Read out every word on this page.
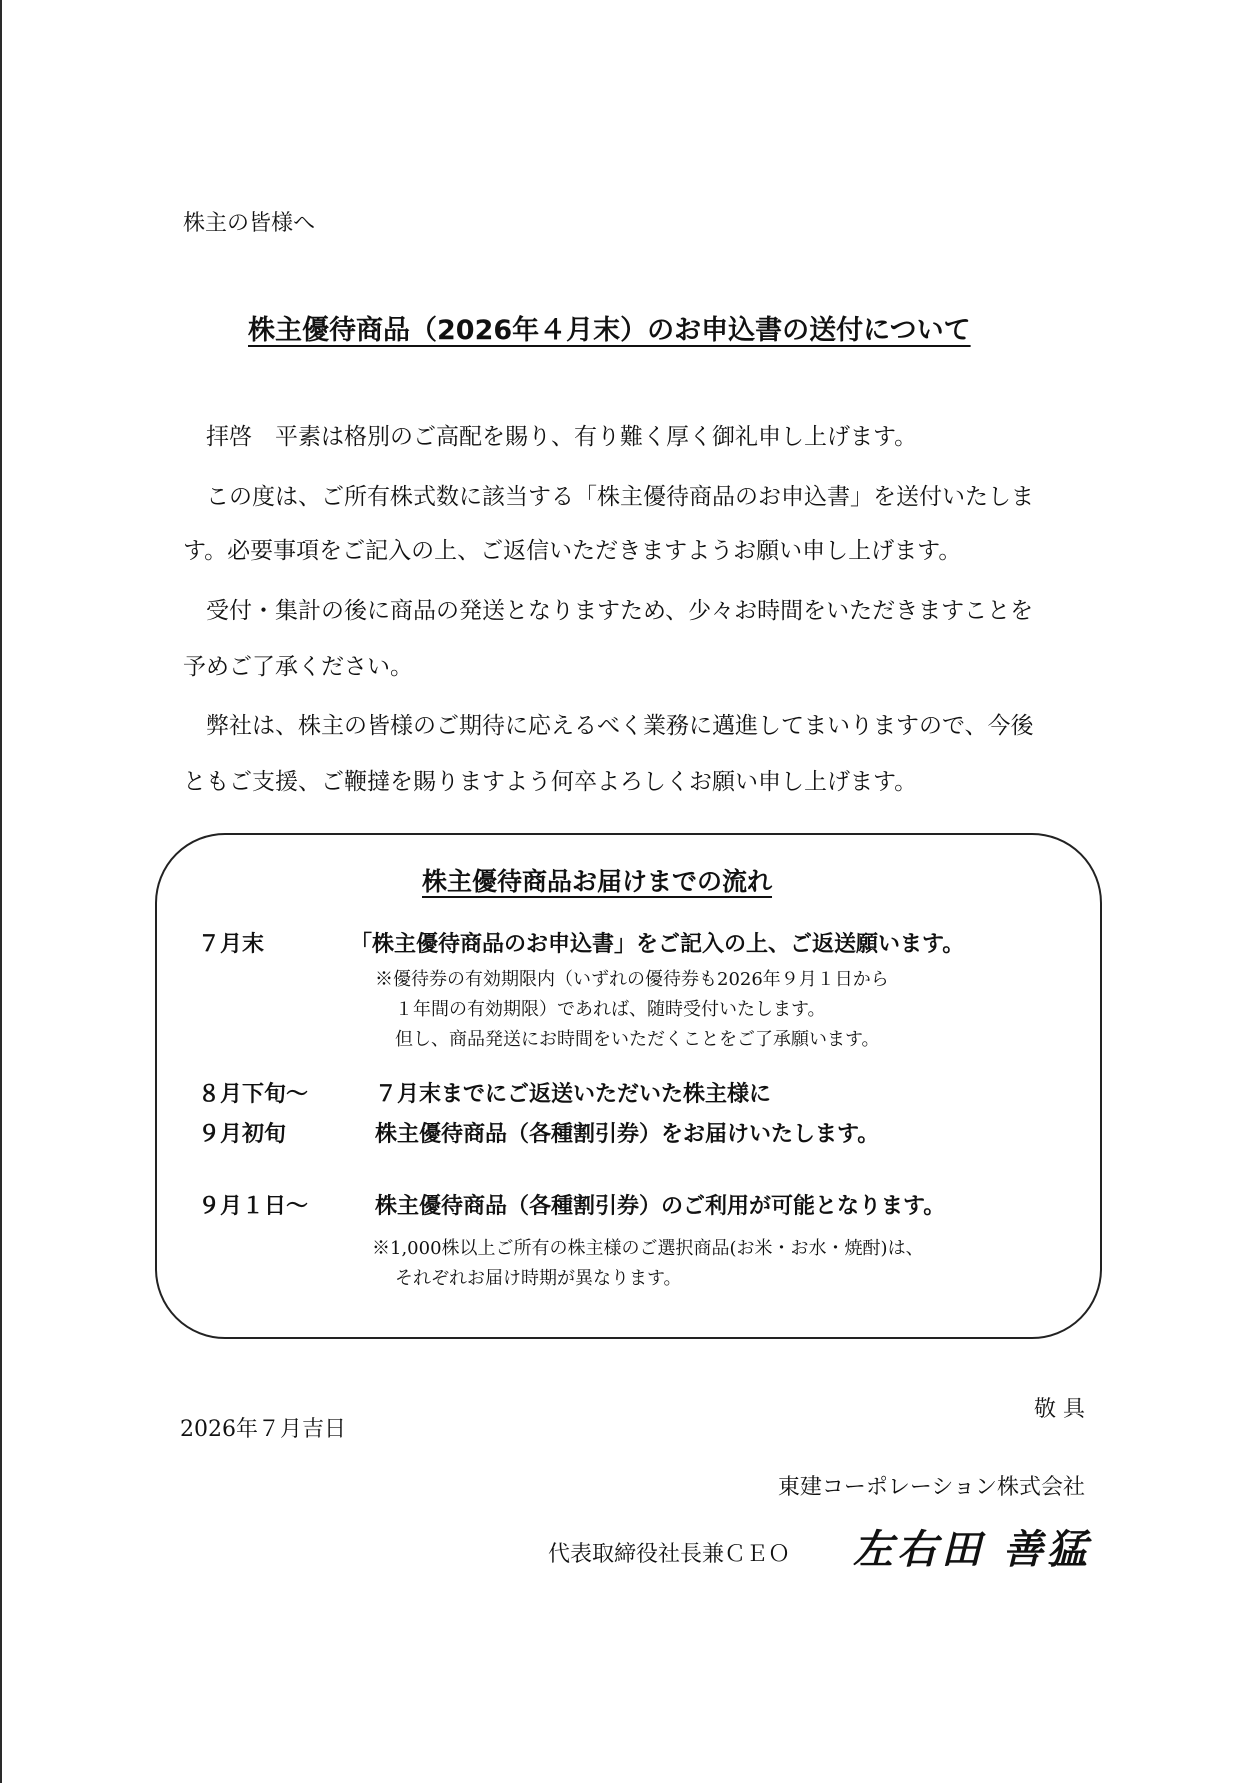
株主の皆様へ
株主優待商品（2026年４月末）のお申込書の送付について
　拝啓　平素は格別のご高配を賜り、有り難く厚く御礼申し上げます。
　この度は、ご所有株式数に該当する「株主優待商品のお申込書」を送付いたしま
す。必要事項をご記入の上、ご返信いただきますようお願い申し上げます。
　受付・集計の後に商品の発送となりますため、少々お時間をいただきますことを
予めご了承ください。
　弊社は、株主の皆様のご期待に応えるべく業務に邁進してまいりますので、今後
ともご支援、ご鞭撻を賜りますよう何卒よろしくお願い申し上げます。
株主優待商品お届けまでの流れ
７月末	「株主優待商品のお申込書」をご記入の上、ご返送願います。
※優待券の有効期限内（いずれの優待券も2026年９月１日から
１年間の有効期限）であれば、随時受付いたします。
但し、商品発送にお時間をいただくことをご了承願います。
８月下旬～
９月初旬
７月末までにご返送いただいた株主様に
株主優待商品（各種割引券）をお届けいたします。
９月１日～	株主優待商品（各種割引券）のご利用が可能となります。
※1,000株以上ご所有の株主様のご選択商品(お米・お水・焼酎)は、
それぞれお届け時期が異なります。
敬 具
2026年７月吉日
東建コーポレーション株式会社
代表取締役社長兼ＣＥＯ 左右田 善猛
